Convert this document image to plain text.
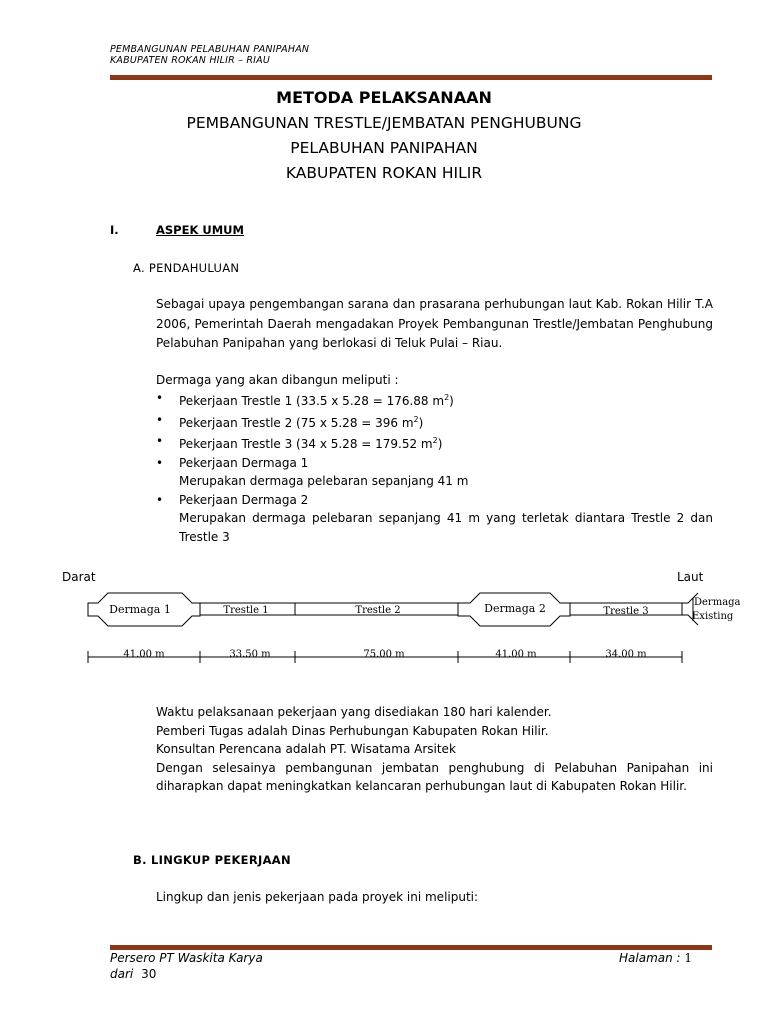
PEMBANGUNAN PELABUHAN PANIPAHAN
KABUPATEN ROKAN HILIR – RIAU
METODA PELAKSANAAN
PEMBANGUNAN TRESTLE/JEMBATAN PENGHUBUNG
PELABUHAN PANIPAHAN
KABUPATEN ROKAN HILIR
I.	ASPEK UMUM
A. PENDAHULUAN
Sebagai upaya pengembangan sarana dan prasarana perhubungan laut Kab. Rokan Hilir T.A 2006, Pemerintah Daerah mengadakan Proyek Pembangunan Trestle/Jembatan Penghubung Pelabuhan Panipahan yang berlokasi di Teluk Pulai – Riau.
Dermaga yang akan dibangun meliputi :
• Pekerjaan Trestle 1 (33.5 x 5.28 = 176.88 $m^2$)
• Pekerjaan Trestle 2 (75 x 5.28 = 396 $m^2$)
• Pekerjaan Trestle 3 (34 x 5.28 = 179.52 $m^2$)
• Pekerjaan Dermaga 1
Merupakan dermaga pelebaran sepanjang 41 m
• Pekerjaan Dermaga 2
Merupakan dermaga pelebaran sepanjang 41 m yang terletak diantara Trestle 2 dan Trestle 3
Darat	Laut
Dermaga 1	Trestle 1	Trestle 2	Dermaga 2	Trestle 3
Dermaga
Existing
41.00 m	33.50 m	75.00 m	41.00 m	34.00 m
Waktu pelaksanaan pekerjaan yang disediakan 180 hari kalender.
Pemberi Tugas adalah Dinas Perhubungan Kabupaten Rokan Hilir.
Konsultan Perencana adalah PT. Wisatama Arsitek
Dengan selesainya pembangunan jembatan penghubung di Pelabuhan Panipahan ini diharapkan dapat meningkatkan kelancaran perhubungan laut di Kabupaten Rokan Hilir.
B. LINGKUP PEKERJAAN
Lingkup dan jenis pekerjaan pada proyek ini meliputi:
Persero PT Waskita Karya	Halaman : 1
dari 30
